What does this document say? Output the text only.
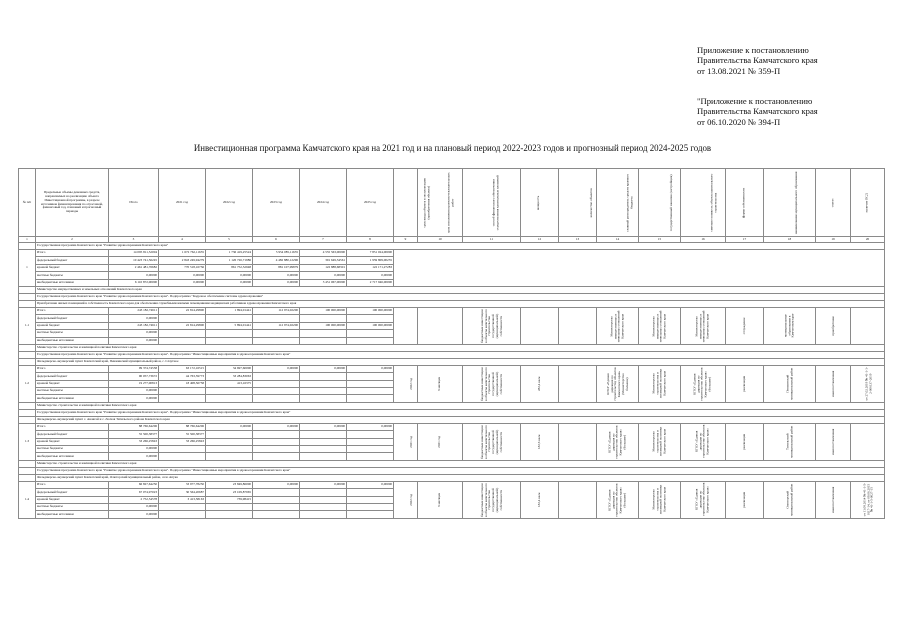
Приложение к постановлению
Правительства Камчатского края
от 13.08.2021 № 359-П
"Приложение к постановлению
Правительства Камчатского края
от 06.10.2020 № 394-П
Инвестиционная программа Камчатского края на 2021 год и на плановый период 2022-2023 годов и прогнозный период 2024-2025 годов
№ п/п	Предельные объемы денежных средств, направляемых на реализацию объекта Инвестиционной программы, в разрезе источников финансирования по отраслевой, финансовый год, плановый и прогнозный периоды	Итого	2021 год	2022 год	2023 год	2024 год	2025 год	срок ввода объекта в эксплуатацию (приобретения объекта)	срок исполнения проектно-изыскательских работ	способ финансового обеспечения осуществления капитальных вложений	мощность	количество объектов	главный распорядитель средств краевого бюджета	государственный заказчик (застройщик)	сметная стоимость объекта капитального строительства	форма собственности	наименование муниципального образования	статус	наличие ПСД
1	2	3	4	5	6	7	8	9	10	11	12	13	14	15	16	17	18	19	20
	Государственная программа Камчатского края "Развитие здравоохранения Камчатского края"																		
1	Итого	14 095 811,52004	1 672 762,11635	1 736 419,25524	5 954 085,11635	4 555 563,00000	7 851 024,00000												
	федеральный бюджет	10 423 741,56245	2 843 249,94279	1 126 726,71986	4 482 880,12296	391 649,34561	1 959 809,00235												
	краевой бюджет	2 461 481,76682	770 518,16736	861 752,52948	881 107,99879	122 888,68301	122 171,27283												
	местные бюджеты	0,00000	0,00000	0,00000	0,00000	0,00000	0,00000												
	внебюджетные источники	6 110 872,00000	0,00000	0,00000	0,00000	3 451 067,00000	2 717 946,00000												
	Министерство имущественных и земельных отношений Камчатского края																		
	Государственная программа Камчатского края "Развитие здравоохранения Камчатского края". Подпрограмма "Кадровое обеспечение системы здравоохранения"																		
	Приобретение жилых помещений в собственность Камчатского края для обеспечения служебными жилыми помещениями медицинских работников здравоохранения Камчатского края																		
1.1	Итого	243 182,74611	22 814,29800	1 894,01441	112 974,02200	100 000,00000	100 000,00000			бюджетные инвестиции в объекты капитального строительства государственной (муниципальной) собственности			Министерство имущественных и земельных отношений Камчатского края	Министерство имущественных и земельных отношений Камчатского края	Министерство имущественных и земельных отношений Камчатского края	отчуждение	муниципальные образования в Камчатском крае	приобретение	

	федеральный бюджет	0,00000																	
	краевой бюджет	243 182,74611	22 814,29800	5 894,01441	112 974,02200	100 000,00000	100 000,00000												
	местные бюджеты	0,00000																	
	внебюджетные источники	0,00000																	
	Министерство строительства и жилищной политики Камчатского края																		
	Государственная программа Камчатского края "Развитие здравоохранения Камчатского края". Подпрограмма "Инвестиционные мероприятия в здравоохранении Камчатского края"																		
	Фельдшерско-акушерский пункт Камчатский край, Пенжинский муниципальный район, с. Слаутное																		
1.2	Итого	99 374,74558	63 172,16515	34 697,60000	0,00000	0,00000	0,00000	2022 год	6 месяцев	бюджетные инвестиции в объекты капитального строительства государственной (муниципальной) собственности	282,4 кв.м		КГКУ «Единая дирекция по строительству объектов Камчатского края» (Министерство большие)	Министерство строительства и жилищной политики Камчатского края	КГКУ «Единая дирекция по строительству объектов Камчатского края» (большие)	реализация	Пенжинский муниципальный район	иная поставленная	от 27.02.2019 № 41-1-1-2-006137-2019

	федеральный бюджет	90 057,73672	44 763,59773	33 284,83063															
	краевой бюджет	19 277,00813	18 408,56758	413,16375															
	местные бюджеты	0,00000																	
	внебюджетные источники	0,00000																	
	Министерство строительства и жилищной политики Камчатского края																		
	Государственная программа Камчатского края "Развитие здравоохранения Камчатского края". Подпрограмма "Инвестиционные мероприятия в здравоохранении Камчатского края"																		
	Фельдшерско-акушерский пункт с. Анавгай и с. Лесная Тигильского района Камчатского края																		
1.3	Итого	88 766,64206	88 766,64206	0,00000	0,00000	0,00000	0,00000	2021 год	2021 год	бюджетные инвестиции в объекты капитального строительства государственной (муниципальной) собственности	182,6 кв.м		КГКУ «Единая дирекция по строительству объектов Камчатского края» (большие)	Министерство строительства и жилищной политики Камчатского края	КГКУ «Единая дирекция по строительству объектов Камчатского края»	реализация	Тигильский муниципальный район	иная поставленная	

	федеральный бюджет	55 500,38377	55 500,38377																
	краевой бюджет	33 266,25843	33 266,25843																
	местные бюджеты	0,00000																	
	внебюджетные источники	0,00000																	
	Министерство строительства и жилищной политики Камчатского края																		
	Государственная программа Камчатского края "Развитие здравоохранения Камчатского края". Подпрограмма "Инвестиционные мероприятия в здравоохранении Камчатского края"																		
	Фельдшерско-акушерский пункт Камчатский край, Олюторский муниципальный район, село Апука																		
1.4	Итого	66 827,64250	33 977,78250	23 849,86000	0,00000	0,00000	0,00000	2022 год	6 месяцев	бюджетные инвестиции в объекты капитального строительства государственной (муниципальной) собственности	182,4 кв.м		КГКУ «Единая дирекция по строительству объектов Камчатского края» (большие)	Министерство строительства и жилищной политики Камчатского края	КГКУ «Единая дирекция по строительству объектов Камчатского края»	реализация	Олюторский муниципальный район	иная поставленная	от 11.09.2014 № 41-1-5-0117-14, от 09.06.2015 № 41-1-5-0027-15

	федеральный бюджет	67 074,97023	30 564,20687	23 109,87965															
	краевой бюджет	2 752,54578	3 413,58163	739,98415															
	местные бюджеты	0,00000																	
	внебюджетные источники	0,00000																	
